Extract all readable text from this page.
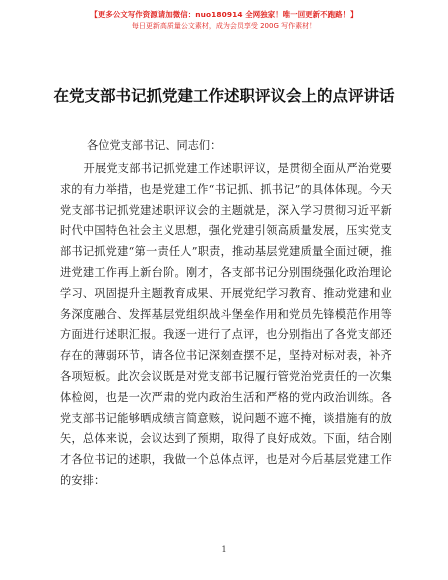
【更多公文写作资源请加微信：nuo180914 全网独家！唯一回更新不跑路！】
每日更新高质量公文素材，成为会员享受 200G 写作素材！
在党支部书记抓党建工作述职评议会上的点评讲话
各位党支部书记、同志们：

开展党支部书记抓党建工作述职评议，是贯彻全面从严治党要求的有力举措，也是党建工作“书记抓、抓书记”的具体体现。今天党支部书记抓党建述职评议会的主题就是，深入学习贯彻习近平新时代中国特色社会主义思想，强化党建引领高质量发展，压实党支部书记抓党建“第一责任人”职责，推动基层党建质量全面过硬，推进党建工作再上新台阶。刚才，各支部书记分别围绕强化政治理论学习、巩固提升主题教育成果、开展党纪学习教育、推动党建和业务深度融合、发挥基层党组织战斗堡垒作用和党员先锋模范作用等方面进行述职汇报。我逐一进行了点评，也分别指出了各党支部还存在的薄弱环节，请各位书记深刻查摆不足，坚持对标对表，补齐各项短板。此次会议既是对党支部书记履行管党治党责任的一次集体检阅，也是一次严肃的党内政治生活和严格的党内政治训练。各党支部书记能够晒成绩言简意赅，说问题不遮不掩，谈措施有的放矢，总体来说，会议达到了预期，取得了良好成效。下面，结合刚才各位书记的述职，我做一个总体点评，也是对今后基层党建工作的安排：

1
